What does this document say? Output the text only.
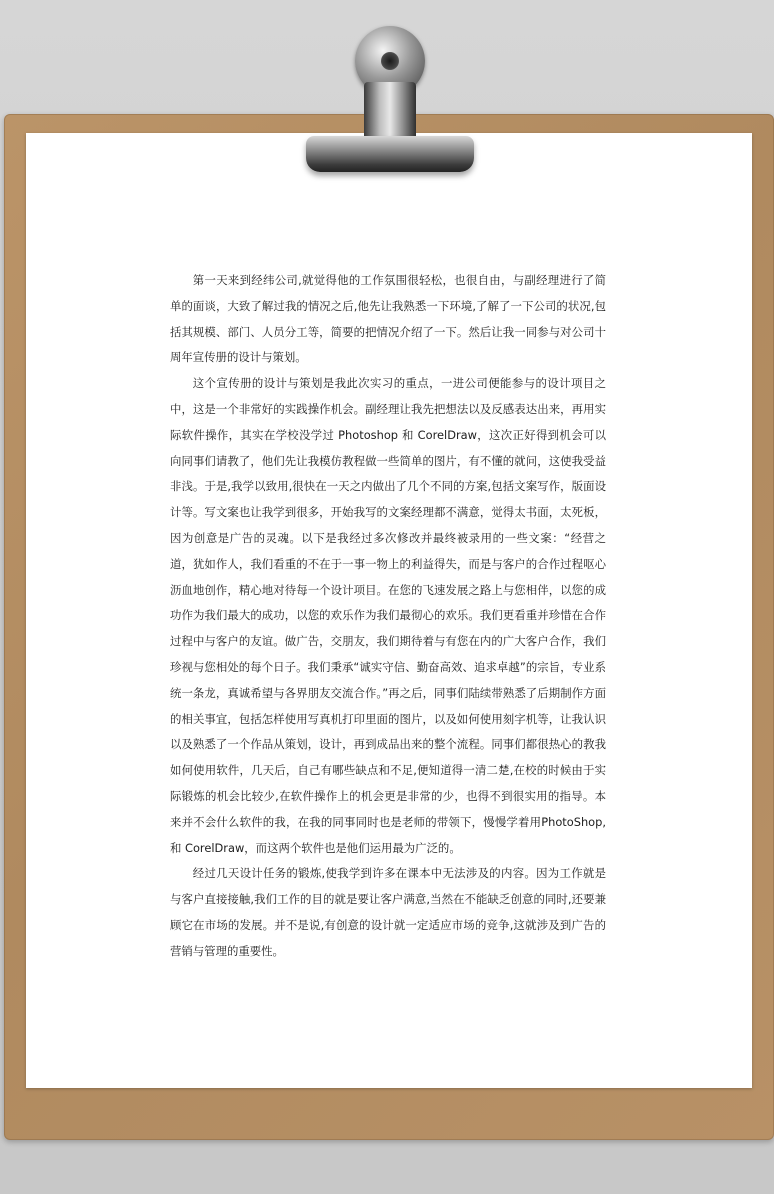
第一天来到经纬公司,就觉得他的工作氛围很轻松，也很自由，与副经理进行了简单的面谈，大致了解过我的情况之后,他先让我熟悉一下环境,了解了一下公司的状况,包括其规模、部门、人员分工等，简要的把情况介绍了一下。然后让我一同参与对公司十周年宣传册的设计与策划。

这个宣传册的设计与策划是我此次实习的重点，一进公司便能参与的设计项目之中，这是一个非常好的实践操作机会。副经理让我先把想法以及反感表达出来，再用实际软件操作，其实在学校没学过 Photoshop 和 CorelDraw，这次正好得到机会可以向同事们请教了，他们先让我模仿教程做一些简单的图片，有不懂的就问，这使我受益非浅。于是,我学以致用,很快在一天之内做出了几个不同的方案,包括文案写作，版面设计等。写文案也让我学到很多，开始我写的文案经理都不满意，觉得太书面，太死板，因为创意是广告的灵魂。以下是我经过多次修改并最终被录用的一些文案：“经营之道，犹如作人，我们看重的不在于一事一物上的利益得失，而是与客户的合作过程呕心沥血地创作，精心地对待每一个设计项目。在您的飞速发展之路上与您相伴，以您的成功作为我们最大的成功，以您的欢乐作为我们最彻心的欢乐。我们更看重并珍惜在合作过程中与客户的友谊。做广告，交朋友，我们期待着与有您在内的广大客户合作，我们珍视与您相处的每个日子。我们秉承“诚实守信、勤奋高效、追求卓越”的宗旨，专业系统一条龙，真诚希望与各界朋友交流合作。”再之后，同事们陆续带熟悉了后期制作方面的相关事宜，包括怎样使用写真机打印里面的图片，以及如何使用刻字机等，让我认识以及熟悉了一个作品从策划，设计，再到成品出来的整个流程。同事们都很热心的教我如何使用软件，几天后，自己有哪些缺点和不足,便知道得一清二楚,在校的时候由于实际锻炼的机会比较少,在软件操作上的机会更是非常的少，也得不到很实用的指导。本来并不会什么软件的我，在我的同事同时也是老师的带领下，慢慢学着用PhotoShop,和 CorelDraw，而这两个软件也是他们运用最为广泛的。

经过几天设计任务的锻炼,使我学到许多在课本中无法涉及的内容。因为工作就是与客户直接接触,我们工作的目的就是要让客户满意,当然在不能缺乏创意的同时,还要兼顾它在市场的发展。并不是说,有创意的设计就一定适应市场的竞争,这就涉及到广告的营销与管理的重要性。
